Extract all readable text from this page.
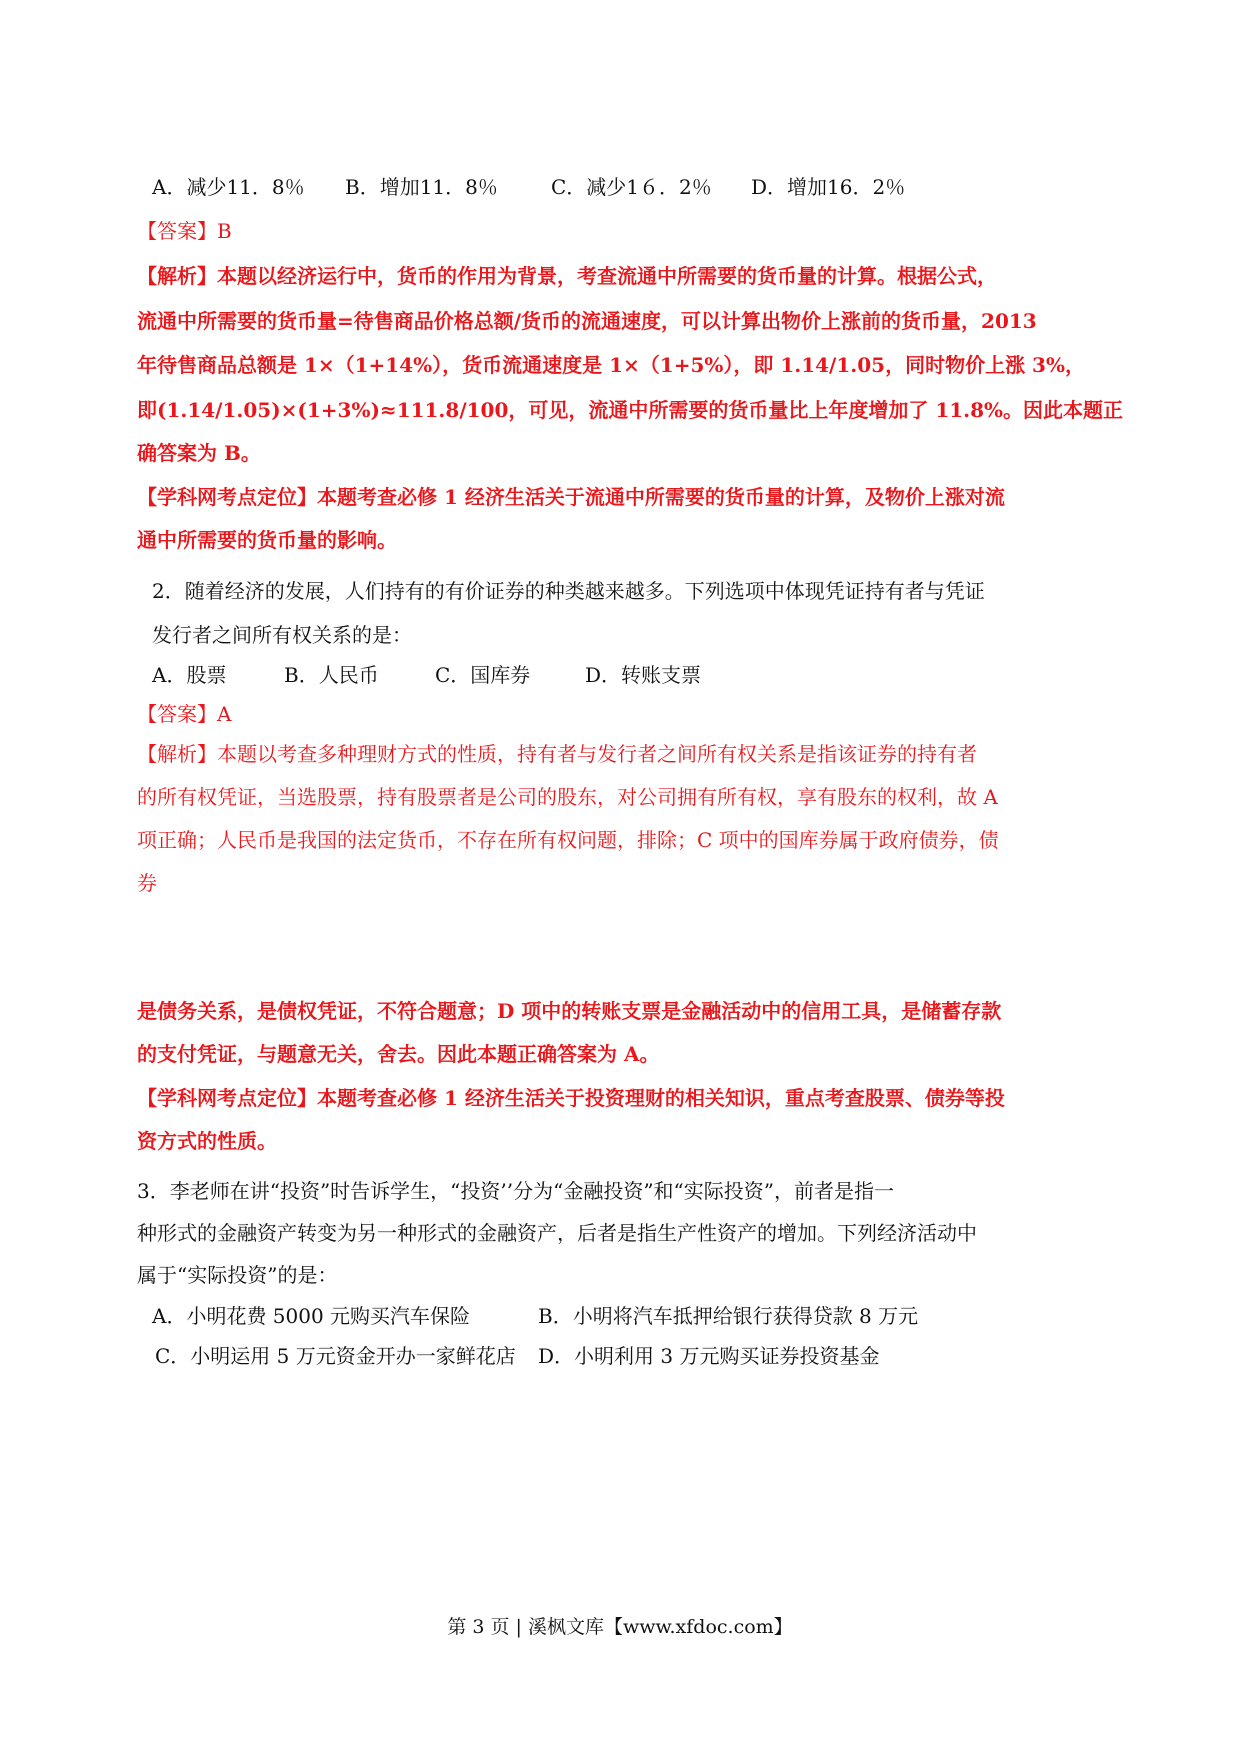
A．减少11．8％ B．增加11．8％	C．减少1６．2％ D．增加16．2％
【答案】B
【解析】本题以经济运行中，货币的作用为背景，考查流通中所需要的货币量的计算。根据公式，
流通中所需要的货币量=待售商品价格总额/货币的流通速度，可以计算出物价上涨前的货币量，2013
年待售商品总额是 1×（1+14%），货币流通速度是 1×（1+5%），即 1.14/1.05，同时物价上涨 3%，
即(1.14/1.05)×(1+3%)≈111.8/100，可见，流通中所需要的货币量比上年度增加了 11.8%。因此本题正
确答案为 B。
【学科网考点定位】本题考查必修 1 经济生活关于流通中所需要的货币量的计算，及物价上涨对流
通中所需要的货币量的影响。
2．随着经济的发展，人们持有的有价证券的种类越来越多。下列选项中体现凭证持有者与凭证
发行者之间所有权关系的是：
A．股票	B．人民币	C．国库券	D．转账支票
【答案】A
【解析】本题以考查多种理财方式的性质，持有者与发行者之间所有权关系是指该证券的持有者
的所有权凭证，当选股票，持有股票者是公司的股东，对公司拥有所有权，享有股东的权利，故 A
项正确；人民币是我国的法定货币，不存在所有权问题，排除；C 项中的国库券属于政府债券，债
券
是债务关系，是债权凭证，不符合题意；D 项中的转账支票是金融活动中的信用工具，是储蓄存款
的支付凭证，与题意无关，舍去。因此本题正确答案为 A。
【学科网考点定位】本题考查必修 1 经济生活关于投资理财的相关知识，重点考查股票、债券等投
资方式的性质。
3．李老师在讲“投资”时告诉学生，“投资’’分为“金融投资”和“实际投资”，前者是指一
种形式的金融资产转变为另一种形式的金融资产，后者是指生产性资产的增加。下列经济活动中
属于“实际投资”的是：
A．小明花费 5000 元购买汽车保险	B．小明将汽车抵押给银行获得贷款 8 万元
C．小明运用 5 万元资金开办一家鲜花店 D．小明利用 3 万元购买证券投资基金
第 3 页 | 溪枫文库【www.xfdoc.com】
